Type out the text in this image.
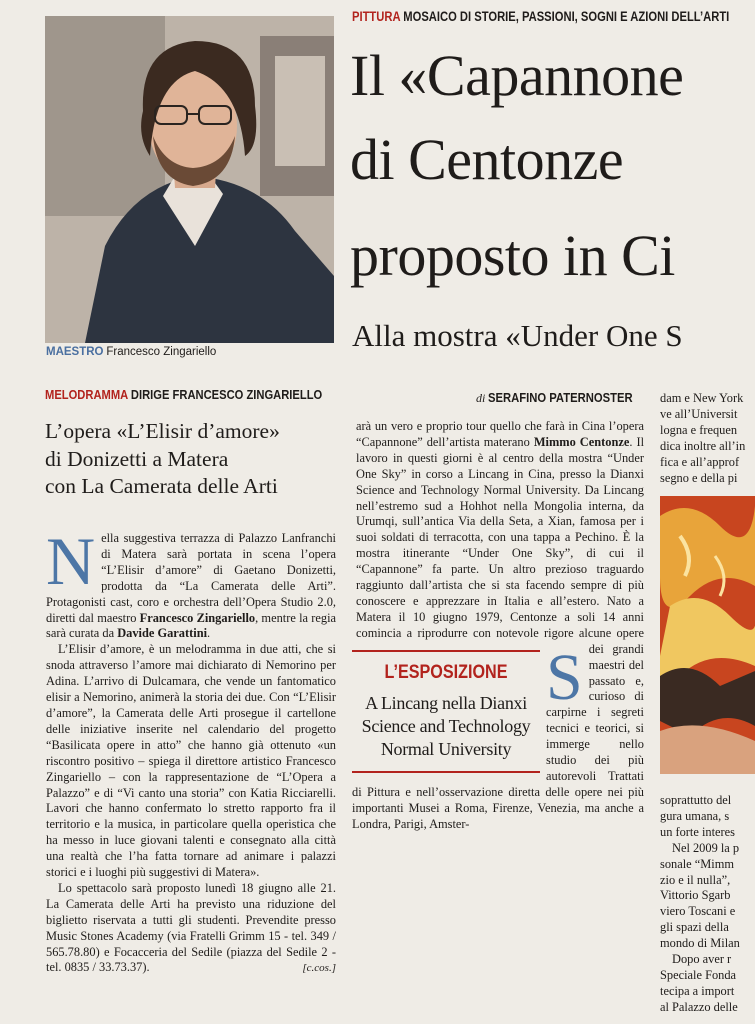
MAESTRO Francesco Zingariello
MELODRAMMA DIRIGE FRANCESCO ZINGARIELLO
L’opera «L’Elisir d’amore»
di Donizetti a Matera
con La Camerata delle Arti

Nella suggestiva terrazza di Palazzo Lanfranchi di Matera sarà portata in scena l’opera “L’Elisir d’amore” di Gaetano Donizetti, prodotta da “La Camerata delle Arti”. Protagonisti cast, coro e orchestra dell’Opera Studio 2.0, diretti dal maestro Francesco Zingariello, mentre la regia sarà curata da Davide Garattini.

L’Elisir d’amore, è un melodramma in due atti, che si snoda attraverso l’amore mai dichiarato di Nemorino per Adina. L’arrivo di Dulcamara, che vende un fantomatico elisir a Nemorino, animerà la storia dei due. Con “L’Elisir d’amore”, la Camerata delle Arti prosegue il cartellone delle iniziative inserite nel calendario del progetto “Basilicata opere in atto” che hanno già ottenuto «un riscontro positivo – spiega il direttore artistico Francesco Zingariello – con la rappresentazione de “L’Opera a Palazzo” e di “Vi canto una storia” con Katia Ricciarelli. Lavori che hanno confermato lo stretto rapporto fra il territorio e la musica, in particolare quella operistica che ha messo in luce giovani talenti e consegnato alla città una realtà che l’ha fatta tornare ad animare i palazzi storici e i luoghi più suggestivi di Matera».

Lo spettacolo sarà proposto lunedì 18 giugno alle 21. La Camerata delle Arti ha previsto una riduzione del biglietto riservata a tutti gli studenti. Prevendite presso Music Stones Academy (via Fratelli Grimm 15 - tel. 349 / 565.78.80) e Focacceria del Sedile (piazza del Sedile 2 - tel. 0835 / 33.73.37).	[c.cos.]
PITTURA MOSAICO DI STORIE, PASSIONI, SOGNI E AZIONI DELL’ARTI
Il «Capannone
di Centonze
proposto in Ci
Alla mostra «Under One S
di SERAFINO PATERNOSTER

S
arà un vero e proprio tour quello che farà in Cina l’opera “Capannone” dell’artista materano Mimmo Centonze. Il lavoro in questi giorni è al centro della mostra “Under One Sky” in corso a Lincang in Cina, presso la Dianxi Science and Technology Normal University. Da Lincang nell’estremo sud a Hohhot nella Mongolia interna, da Urumqi, sull’antica Via della Seta, a Xian, famosa per i suoi soldati di terracotta, con una tappa a Pechino. È la mostra itinerante “Under One Sky”, di cui il “Capannone” fa parte. Un altro prezioso traguardo raggiunto dall’artista che si sta facendo sempre di più conoscere e apprezzare in Italia e all’estero. Nato a Matera il 10 giugno 1979, Centonze a soli 14 anni comincia a riprodurre con notevole rigore alcune opere dei grandi maestri del passato e, curioso di carpirne i segreti tecnici e teorici, si immerge nello studio dei più autorevoli Trattati di Pittura e nell’osservazione diretta delle opere nei più importanti Musei a Roma, Firenze, Venezia, ma anche a Londra, Parigi, Amster-

L’ESPOSIZIONE
A Lincang nella Dianxi
Science and Technology
Normal University
dam e New York
ve all’Universit
logna e frequen
dica inoltre all’in
fica e all’approf
segno e della pi
soprattutto del
gura umana, s
un forte interes
Nel 2009 la p
sonale “Mimm
zio e il nulla”,
Vittorio Sgarb
viero Toscani e
gli spazi della
mondo di Milan
Dopo aver r
Speciale Fonda
tecipa a import
al Palazzo delle
